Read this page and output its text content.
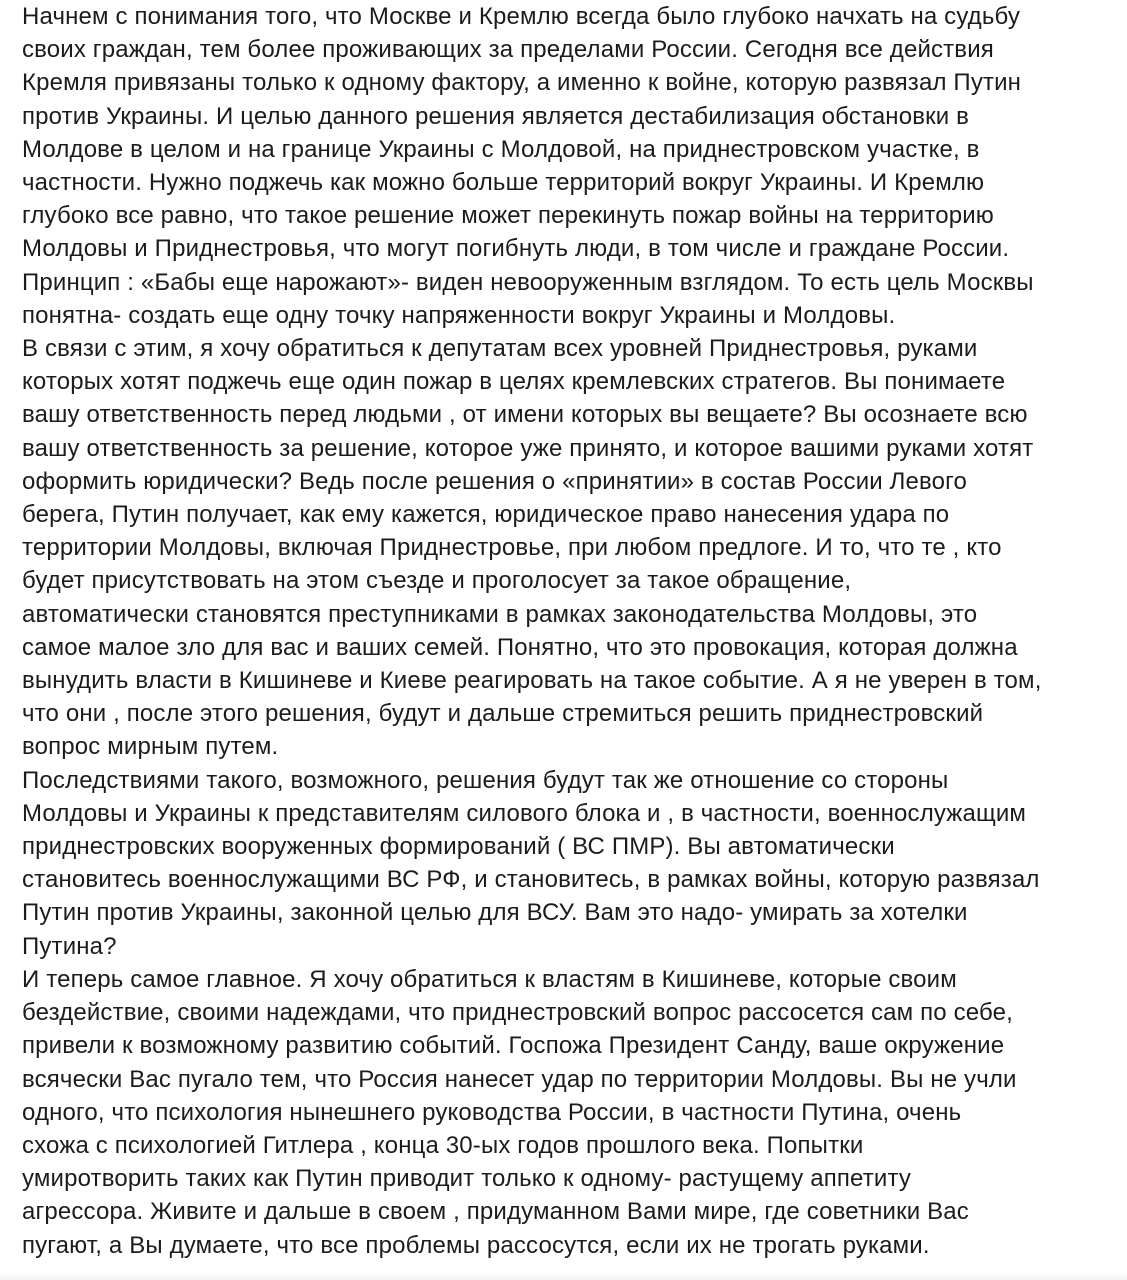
Начнем с понимания того, что Москве и Кремлю всегда было глубоко начхать на судьбу
своих граждан, тем более проживающих за пределами России. Сегодня все действия
Кремля привязаны только к одному фактору, а именно к войне, которую развязал Путин
против Украины. И целью данного решения является дестабилизация обстановки в
Молдове в целом и на границе Украины с Молдовой, на приднестровском участке, в
частности. Нужно поджечь как можно больше территорий вокруг Украины. И Кремлю
глубоко все равно, что такое решение может перекинуть пожар войны на территорию
Молдовы и Приднестровья, что могут погибнуть люди, в том числе и граждане России.
Принцип : «Бабы еще нарожают»- виден невооруженным взглядом. То есть цель Москвы
понятна- создать еще одну точку напряженности вокруг Украины и Молдовы.
В связи с этим, я хочу обратиться к депутатам всех уровней Приднестровья, руками
которых хотят поджечь еще один пожар в целях кремлевских стратегов. Вы понимаете
вашу ответственность перед людьми , от имени которых вы вещаете? Вы осознаете всю
вашу ответственность за решение, которое уже принято, и которое вашими руками хотят
оформить юридически? Ведь после решения о «принятии» в состав России Левого
берега, Путин получает, как ему кажется, юридическое право нанесения удара по
территории Молдовы, включая Приднестровье, при любом предлоге. И то, что те , кто
будет присутствовать на этом съезде и проголосует за такое обращение,
автоматически становятся преступниками в рамках законодательства Молдовы, это
самое малое зло для вас и ваших семей. Понятно, что это провокация, которая должна
вынудить власти в Кишиневе и Киеве реагировать на такое событие. А я не уверен в том,
что они , после этого решения, будут и дальше стремиться решить приднестровский
вопрос мирным путем.
Последствиями такого, возможного, решения будут так же отношение со стороны
Молдовы и Украины к представителям силового блока и , в частности, военнослужащим
приднестровских вооруженных формирований ( ВС ПМР). Вы автоматически
становитесь военнослужащими ВС РФ, и становитесь, в рамках войны, которую развязал
Путин против Украины, законной целью для ВСУ. Вам это надо- умирать за хотелки
Путина?
И теперь самое главное. Я хочу обратиться к властям в Кишиневе, которые своим
бездействие, своими надеждами, что приднестровский вопрос рассосется сам по себе,
привели к возможному развитию событий. Госпожа Президент Санду, ваше окружение
всячески Вас пугало тем, что Россия нанесет удар по территории Молдовы. Вы не учли
одного, что психология нынешнего руководства России, в частности Путина, очень
схожа с психологией Гитлера , конца 30-ых годов прошлого века. Попытки
умиротворить таких как Путин приводит только к одному- растущему аппетиту
агрессора. Живите и дальше в своем , придуманном Вами мире, где советники Вас
пугают, а Вы думаете, что все проблемы рассосутся, если их не трогать руками.
